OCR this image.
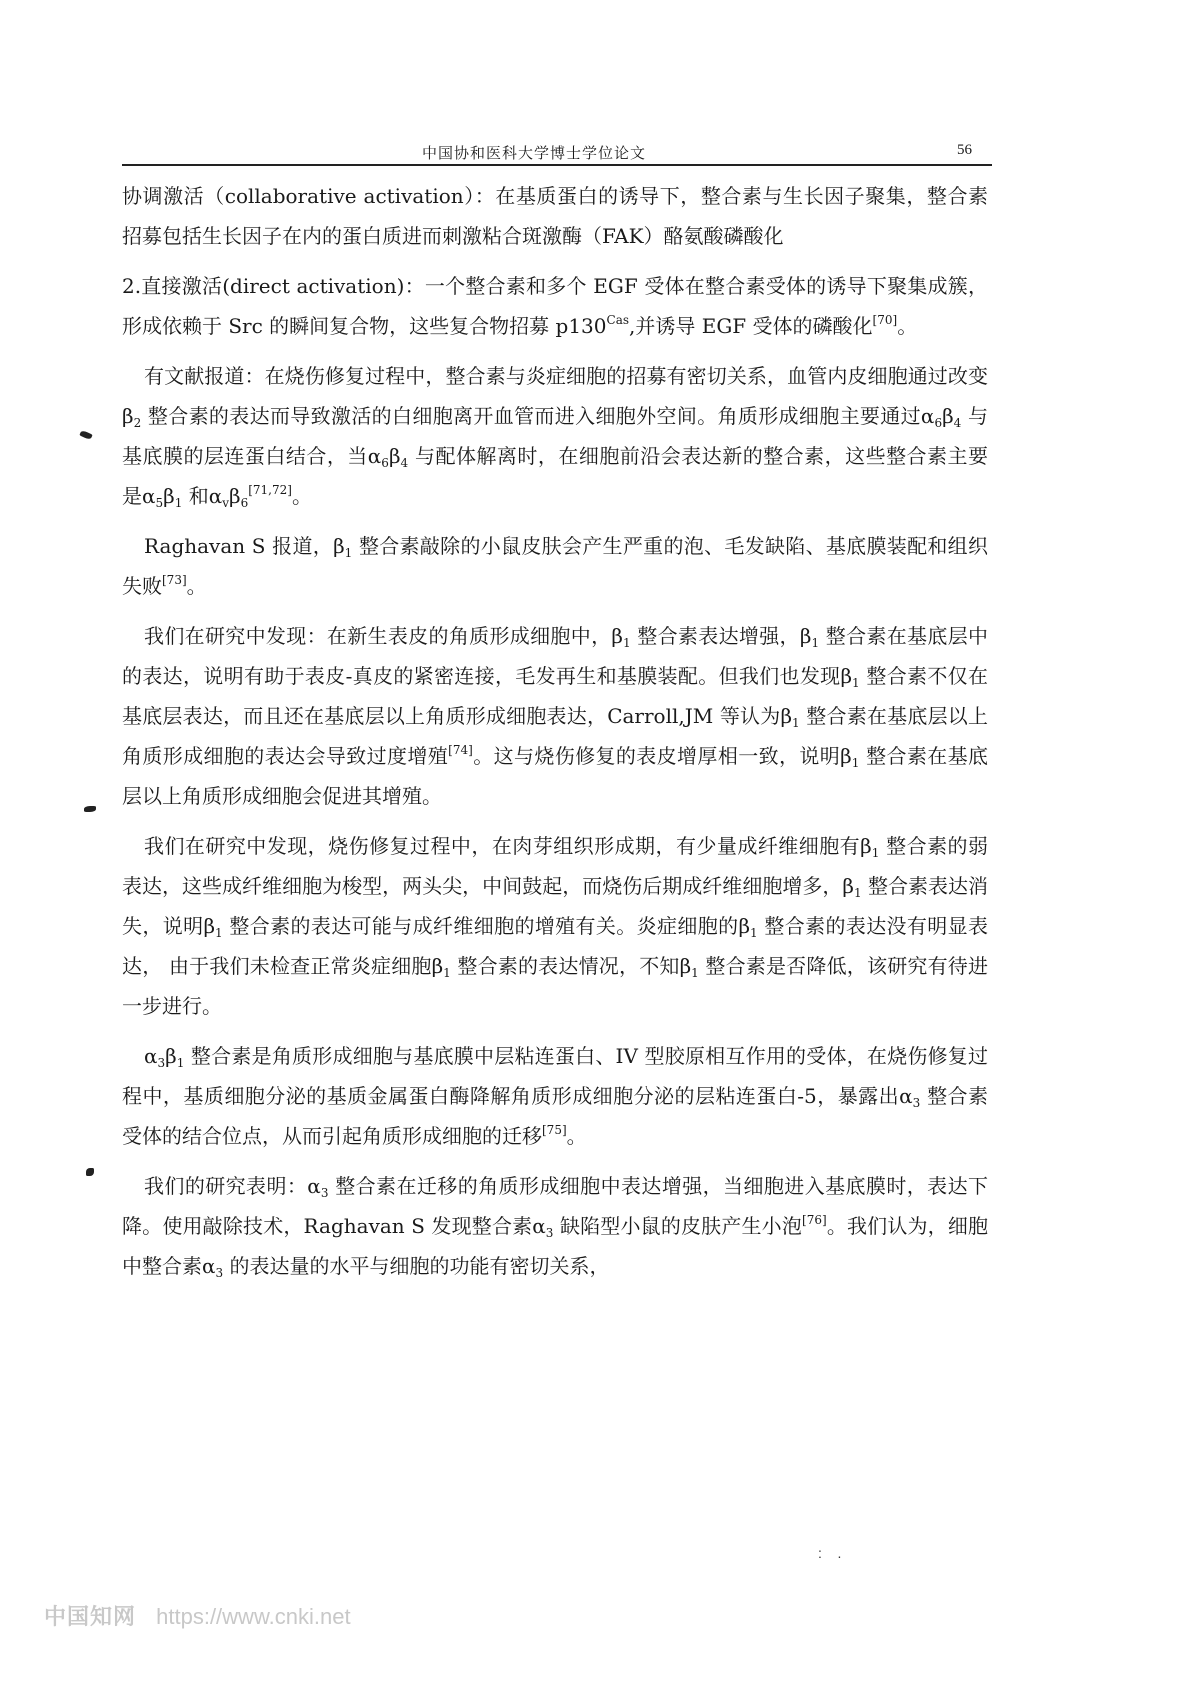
中国协和医科大学博士学位论文	56

协调激活（collaborative activation）：在基质蛋白的诱导下，整合素与生长因子聚集，整合素招募包括生长因子在内的蛋白质进而刺激粘合斑激酶（FAK）酪氨酸磷酸化

2.直接激活(direct activation)：一个整合素和多个 EGF 受体在整合素受体的诱导下聚集成簇，形成依赖于 Src 的瞬间复合物，这些复合物招募 $p130^{Cas}$,并诱导 EGF 受体的磷酸化[70]。

有文献报道：在烧伤修复过程中，整合素与炎症细胞的招募有密切关系，血管内皮细胞通过改变$\beta_2$ 整合素的表达而导致激活的白细胞离开血管而进入细胞外空间。角质形成细胞主要通过$\alpha_6\beta_4$ 与基底膜的层连蛋白结合，当$\alpha_6\beta_4$ 与配体解离时，在细胞前沿会表达新的整合素，这些整合素主要是$\alpha_5\beta_1$ 和$\alpha_v\beta_6[71,72]$。

Raghavan S 报道，$\beta_1$ 整合素敲除的小鼠皮肤会产生严重的泡、毛发缺陷、基底膜装配和组织失败[73]。

我们在研究中发现：在新生表皮的角质形成细胞中，$\beta_1$ 整合素表达增强，$\beta_1$ 整合素在基底层中的表达，说明有助于表皮-真皮的紧密连接，毛发再生和基膜装配。但我们也发现$\beta_1$ 整合素不仅在基底层表达，而且还在基底层以上角质形成细胞表达，Carroll,JM 等认为$\beta_1$ 整合素在基底层以上角质形成细胞的表达会导致过度增殖[74]。这与烧伤修复的表皮增厚相一致，说明$\beta_1$ 整合素在基底层以上角质形成细胞会促进其增殖。

我们在研究中发现，烧伤修复过程中，在肉芽组织形成期，有少量成纤维细胞有$\beta_1$ 整合素的弱表达，这些成纤维细胞为梭型，两头尖，中间鼓起，而烧伤后期成纤维细胞增多，$\beta_1$ 整合素表达消失，说明$\beta_1$ 整合素的表达可能与成纤维细胞的增殖有关。炎症细胞的$\beta_1$ 整合素的表达没有明显表达， 由于我们未检查正常炎症细胞$\beta_1$ 整合素的表达情况，不知$\beta_1$ 整合素是否降低，该研究有待进一步进行。

$\alpha_3\beta_1$ 整合素是角质形成细胞与基底膜中层粘连蛋白、IV 型胶原相互作用的受体，在烧伤修复过程中，基质细胞分泌的基质金属蛋白酶降解角质形成细胞分泌的层粘连蛋白-5，暴露出$\alpha_3$ 整合素受体的结合位点，从而引起角质形成细胞的迁移[75]。

我们的研究表明：$\alpha_3$ 整合素在迁移的角质形成细胞中表达增强，当细胞进入基底膜时，表达下降。使用敲除技术，Raghavan S 发现整合素$\alpha_3$ 缺陷型小鼠的皮肤产生小泡[76]。我们认为，细胞中整合素$\alpha_3$ 的表达量的水平与细胞的功能有密切关系，

:    .
中国知网 https://www.cnki.net
